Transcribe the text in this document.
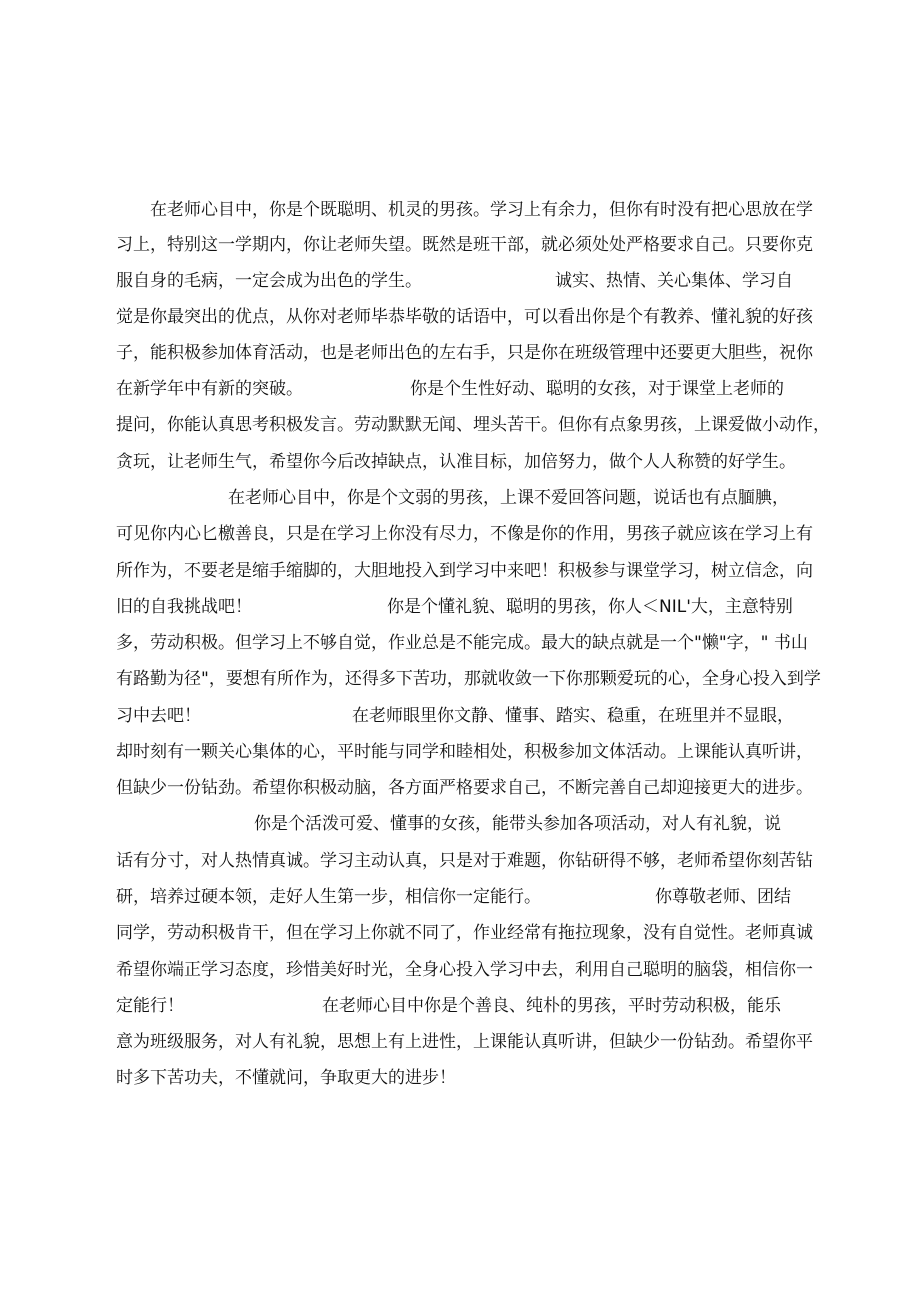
在老师心目中，你是个既聪明、机灵的男孩。学习上有余力，但你有时没有把心思放在学
习上，特别这一学期内，你让老师失望。既然是班干部，就必须处处严格要求自己。只要你克
服自身的毛病，一定会成为出色的学生。	诚实、热情、关心集体、学习自
觉是你最突出的优点，从你对老师毕恭毕敬的话语中，可以看出你是个有教养、懂礼貌的好孩
子，能积极参加体育活动，也是老师出色的左右手，只是你在班级管理中还要更大胆些，祝你
在新学年中有新的突破。	你是个生性好动、聪明的女孩，对于课堂上老师的
提问，你能认真思考积极发言。劳动默默无闻、埋头苦干。但你有点象男孩，上课爱做小动作，
贪玩，让老师生气，希望你今后改掉缺点，认准目标，加倍努力，做个人人称赞的好学生。
在老师心目中，你是个文弱的男孩，上课不爱回答问题，说话也有点腼腆，
可见你内心匕檄善良，只是在学习上你没有尽力，不像是你的作用，男孩子就应该在学习上有
所作为，不要老是缩手缩脚的，大胆地投入到学习中来吧！积极参与课堂学习，树立信念，向
旧的自我挑战吧！	你是个懂礼貌、聪明的男孩，你人＜NIL'大，主意特别
多，劳动积极。但学习上不够自觉，作业总是不能完成。最大的缺点就是一个"懒"字，" 书山
有路勤为径"，要想有所作为，还得多下苦功，那就收敛一下你那颗爱玩的心，全身心投入到学
习中去吧！	在老师眼里你文静、懂事、踏实、稳重，在班里并不显眼，
却时刻有一颗关心集体的心，平时能与同学和睦相处，积极参加文体活动。上课能认真听讲，
但缺少一份钻劲。希望你积极动脑，各方面严格要求自己，不断完善自己却迎接更大的进步。
你是个活泼可爱、懂事的女孩，能带头参加各项活动，对人有礼貌，说
话有分寸，对人热情真诚。学习主动认真，只是对于难题，你钻研得不够，老师希望你刻苦钻
研，培养过硬本领，走好人生第一步，相信你一定能行。	你尊敬老师、团结
同学，劳动积极肯干，但在学习上你就不同了，作业经常有拖拉现象，没有自觉性。老师真诚
希望你端正学习态度，珍惜美好时光，全身心投入学习中去，利用自己聪明的脑袋，相信你一
定能行！	在老师心目中你是个善良、纯朴的男孩，平时劳动积极，能乐
意为班级服务，对人有礼貌，思想上有上进性，上课能认真听讲，但缺少一份钻劲。希望你平
时多下苦功夫，不懂就问，争取更大的进步！
